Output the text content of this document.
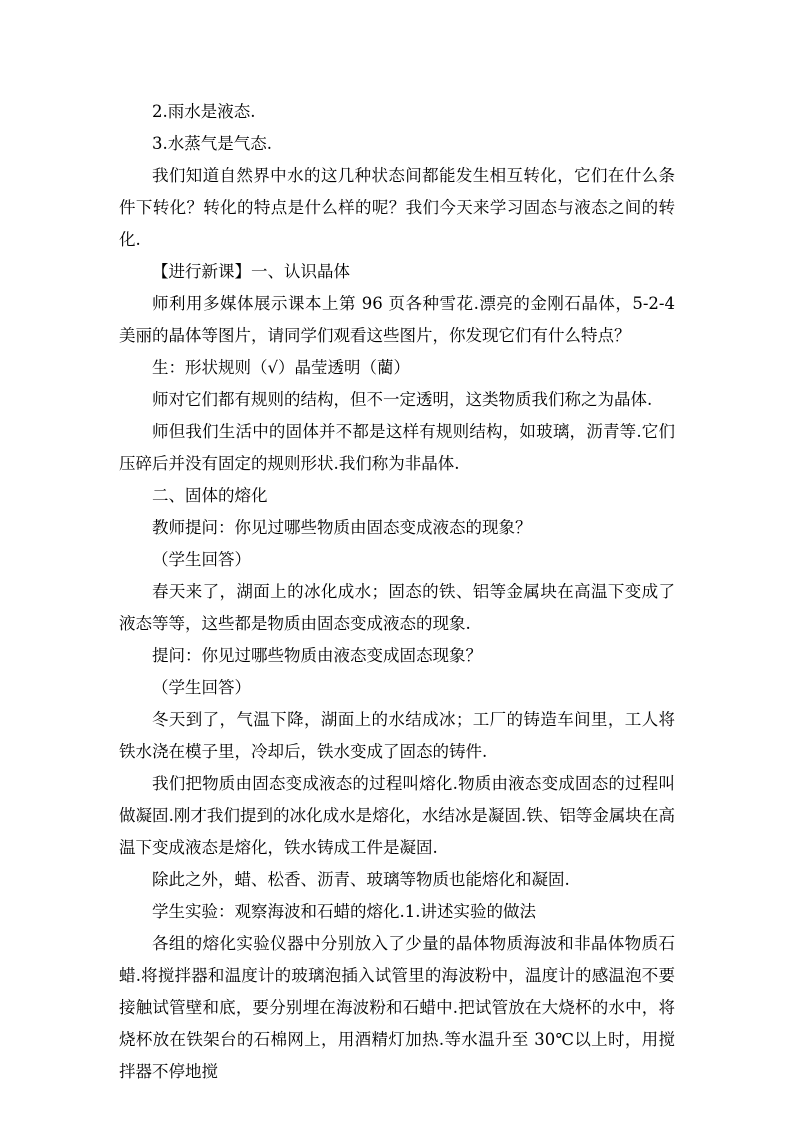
2.雨水是液态.

3.水蒸气是气态.

我们知道自然界中水的这几种状态间都能发生相互转化，它们在什么条件下转化？转化的特点是什么样的呢？我们今天来学习固态与液态之间的转化.

【进行新课】一、认识晶体

师利用多媒体展示课本上第 96 页各种雪花.漂亮的金刚石晶体，5-2-4美丽的晶体等图片，请同学们观看这些图片，你发现它们有什么特点？

生：形状规则（√）晶莹透明（藺）

师对它们都有规则的结构，但不一定透明，这类物质我们称之为晶体.

师但我们生活中的固体并不都是这样有规则结构，如玻璃，沥青等.它们压碎后并没有固定的规则形状.我们称为非晶体.

二、固体的熔化

教师提问：你见过哪些物质由固态变成液态的现象？

（学生回答）

春天来了，湖面上的冰化成水；固态的铁、铝等金属块在高温下变成了液态等等，这些都是物质由固态变成液态的现象.

提问：你见过哪些物质由液态变成固态现象？

（学生回答）

冬天到了，气温下降，湖面上的水结成冰；工厂的铸造车间里，工人将铁水浇在模子里，冷却后，铁水变成了固态的铸件.

我们把物质由固态变成液态的过程叫熔化.物质由液态变成固态的过程叫做凝固.刚才我们提到的冰化成水是熔化，水结冰是凝固.铁、铝等金属块在高温下变成液态是熔化，铁水铸成工件是凝固.

除此之外，蜡、松香、沥青、玻璃等物质也能熔化和凝固.

学生实验：观察海波和石蜡的熔化.1.讲述实验的做法

各组的熔化实验仪器中分别放入了少量的晶体物质海波和非晶体物质石蜡.将搅拌器和温度计的玻璃泡插入试管里的海波粉中，温度计的感温泡不要接触试管壁和底，要分别埋在海波粉和石蜡中.把试管放在大烧杯的水中，将烧杯放在铁架台的石棉网上，用酒精灯加热.等水温升至 30℃以上时，用搅拌器不停地搅
